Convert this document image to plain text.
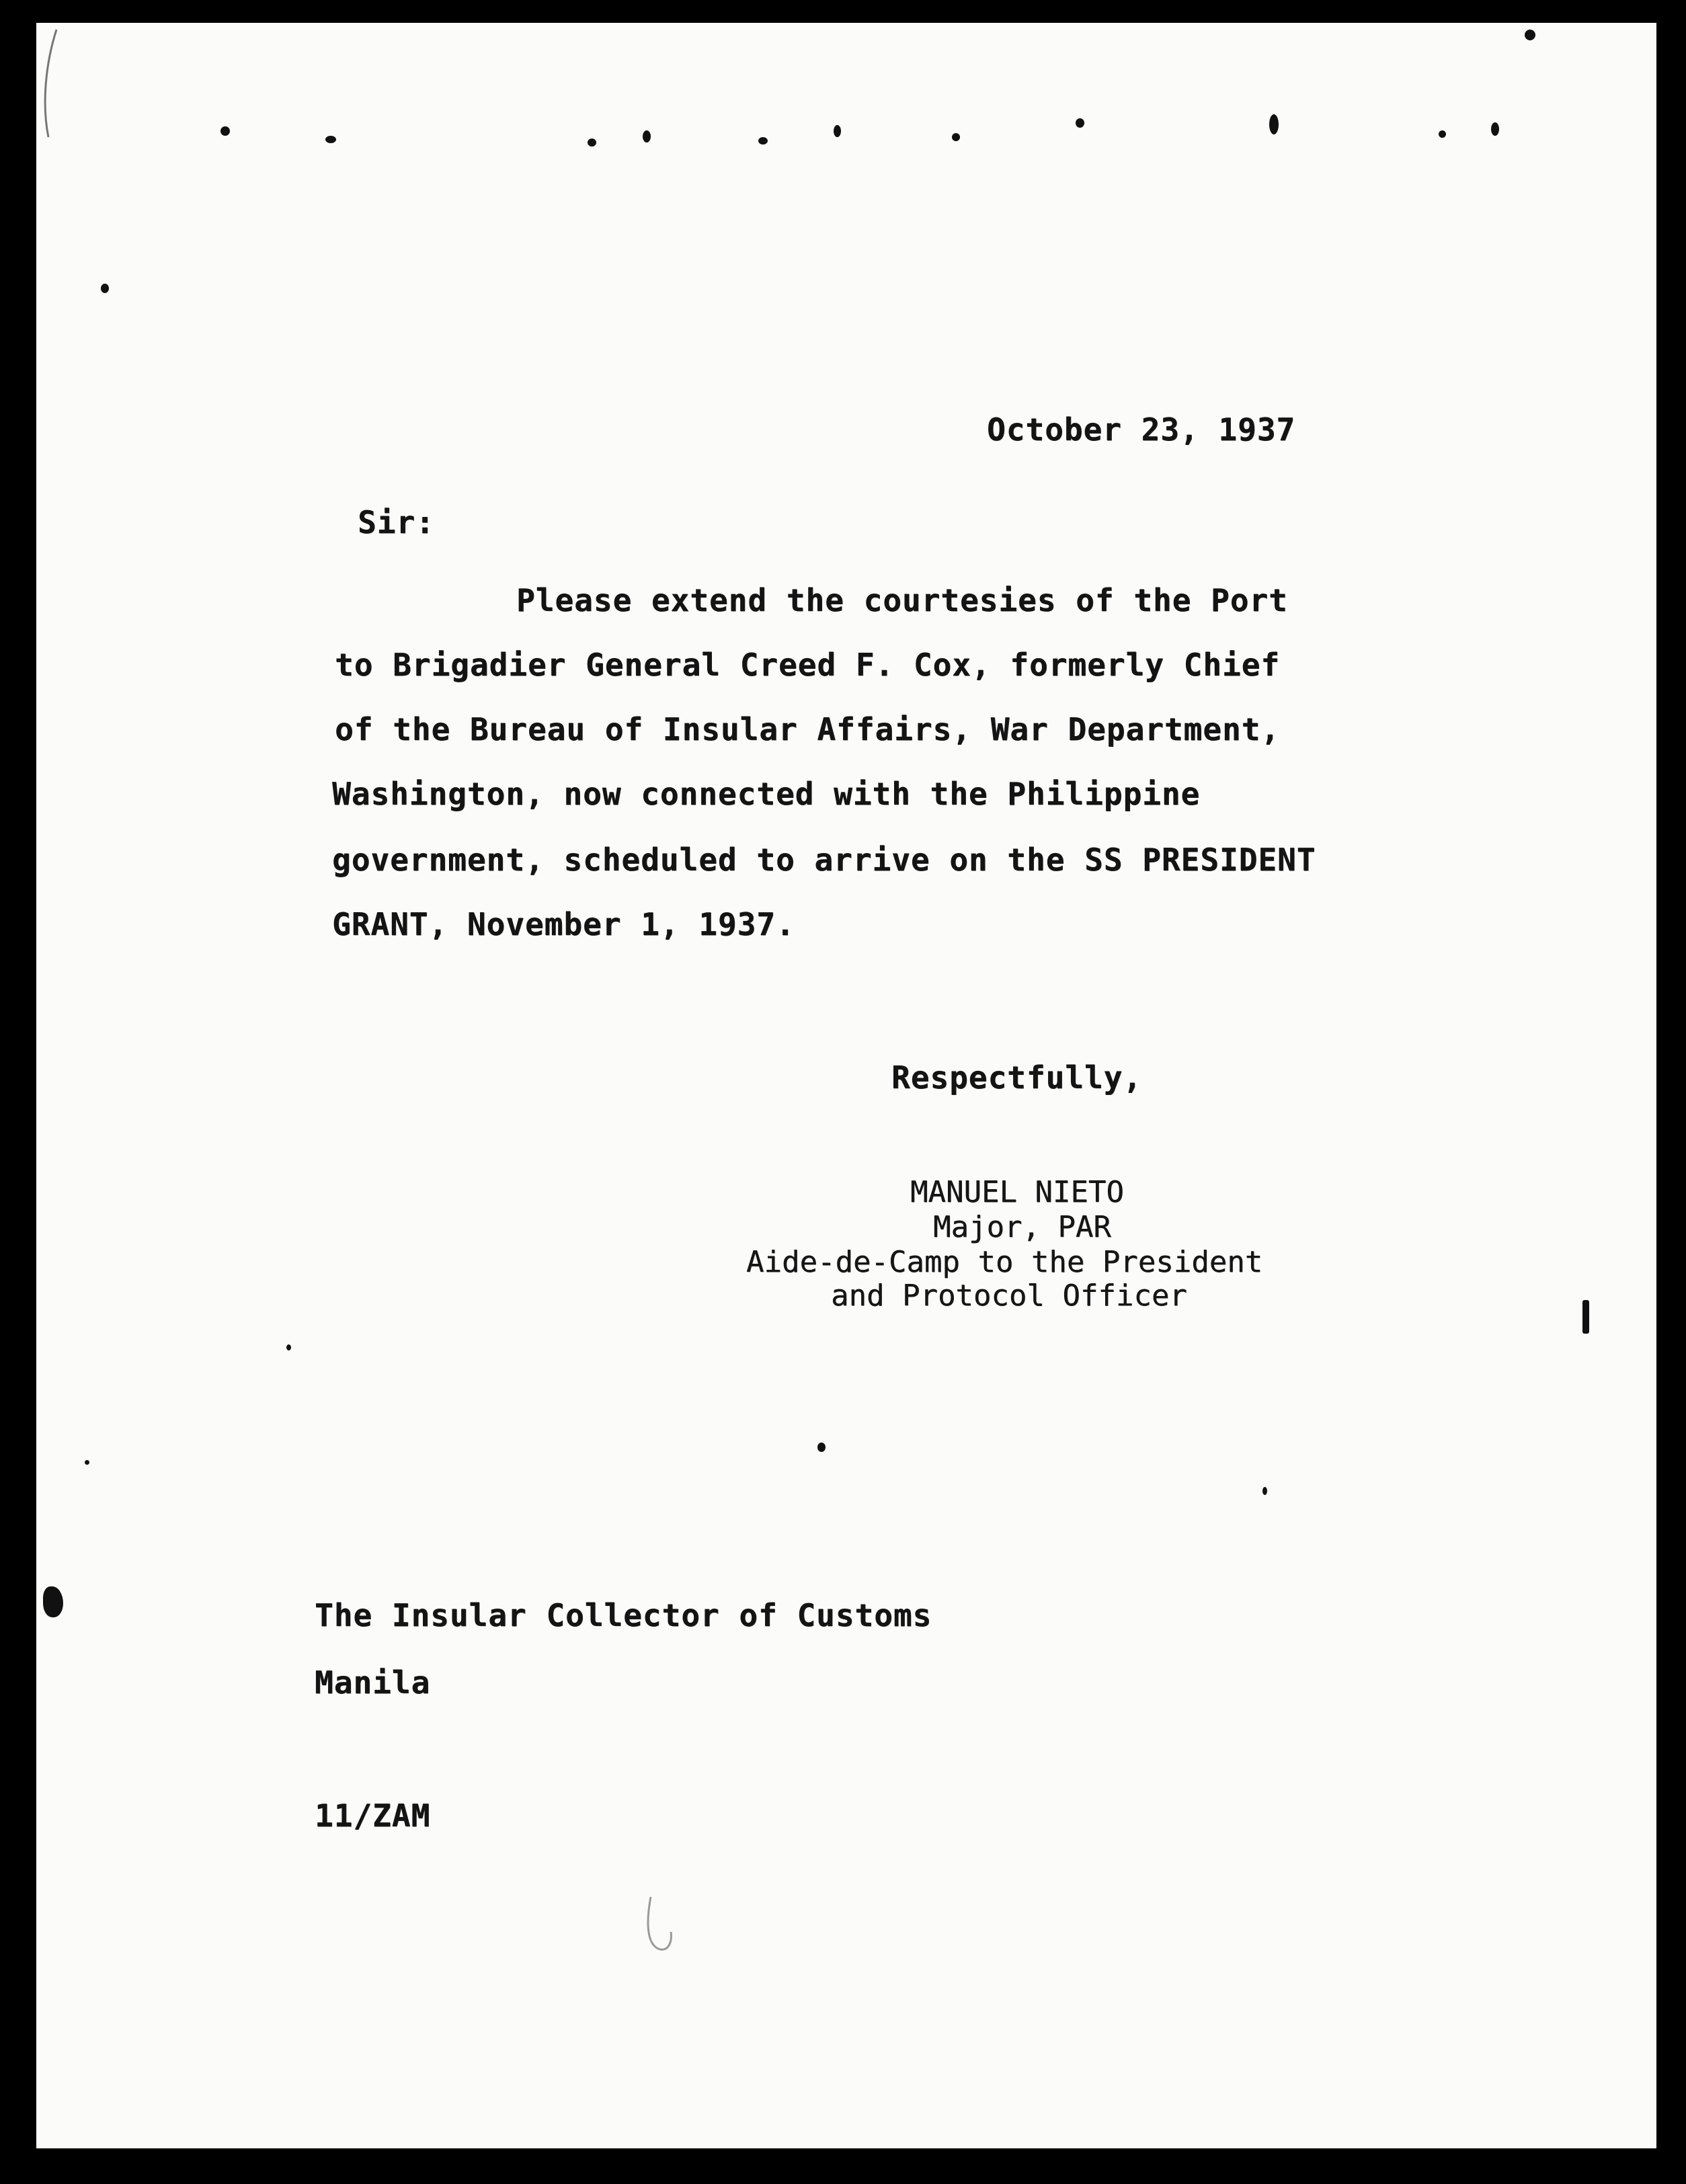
October 23, 1937
Sir:
Please extend the courtesies of the Port
to Brigadier General Creed F. Cox, formerly Chief
of the Bureau of Insular Affairs, War Department,
Washington, now connected with the Philippine
government, scheduled to arrive on the SS PRESIDENT
GRANT, November 1, 1937.
Respectfully,
MANUEL NIETO
Major, PAR
Aide-de-Camp to the President
and Protocol Officer
The Insular Collector of Customs
Manila
11/ZAM
